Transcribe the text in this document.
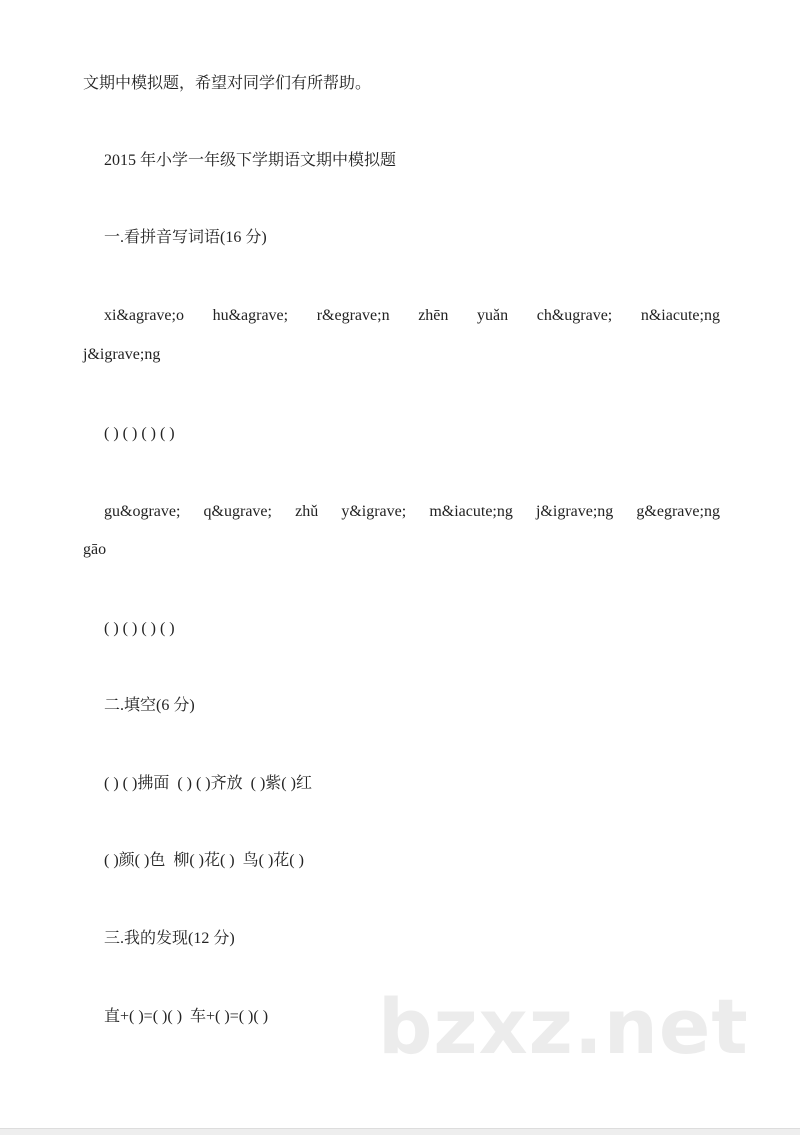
文期中模拟题，希望对同学们有所帮助。
2015 年小学一年级下学期语文期中模拟题
一.看拼音写词语(16 分)
xi&agrave;o hu&agrave; r&egrave;n zhēn yuǎn ch&ugrave; n&iacute;ng
j&igrave;ng
( ) ( ) ( ) ( )
gu&ograve; q&ugrave; zhǔ y&igrave; m&iacute;ng j&igrave;ng g&egrave;ng
gāo
( ) ( ) ( ) ( )
二.填空(6 分)
( ) ( )拂面  ( ) ( )齐放  ( )紫( )红
( )颜( )色  柳( )花( )  鸟( )花( )
三.我的发现(12 分)
直+( )=( )( )  车+( )=( )( ) bzxz.net
